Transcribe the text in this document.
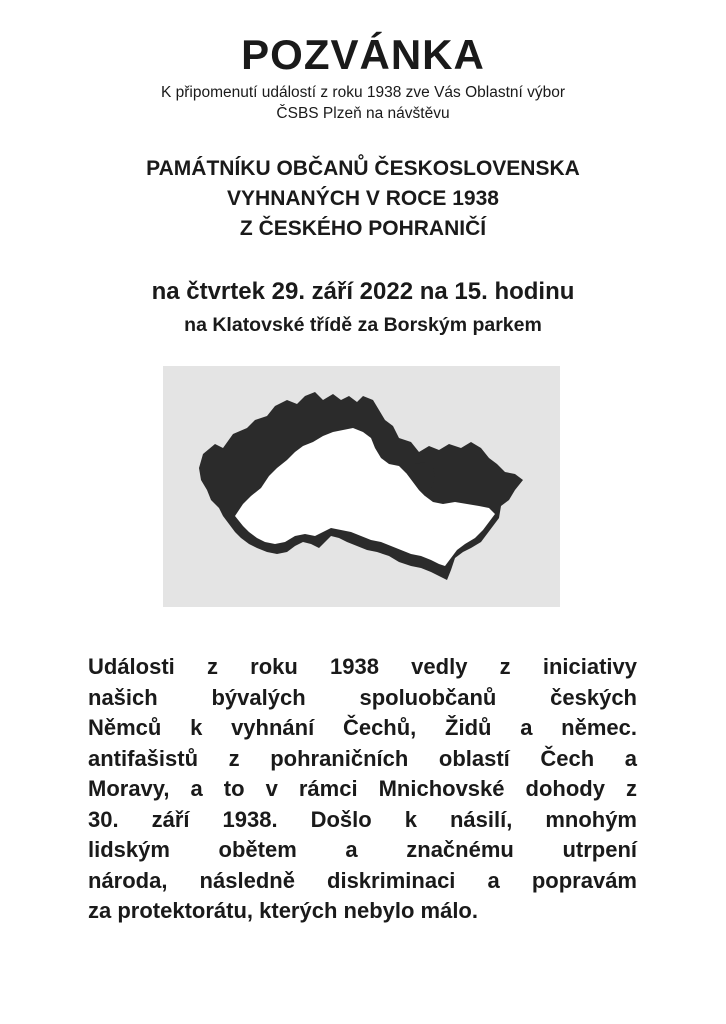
POZVÁNKA
K připomenutí událostí z roku 1938 zve Vás Oblastní výbor
ČSBS Plzeň na návštěvu
PAMÁTNÍKU OBČANŮ ČESKOSLOVENSKA
VYHNANÝCH V ROCE 1938
Z ČESKÉHO POHRANIČÍ
na čtvrtek 29. září 2022 na 15. hodinu
na Klatovské třídě za Borským parkem
Události z roku 1938 vedly z iniciativy
našich bývalých spoluobčanů českých
Němců k vyhnání Čechů, Židů a němec.
antifašistů z pohraničních oblastí Čech a
Moravy, a to v rámci Mnichovské dohody z
30. září 1938. Došlo k násilí, mnohým
lidským obětem a značnému utrpení
národa, následně diskriminaci a popravám
za protektorátu, kterých nebylo málo.
